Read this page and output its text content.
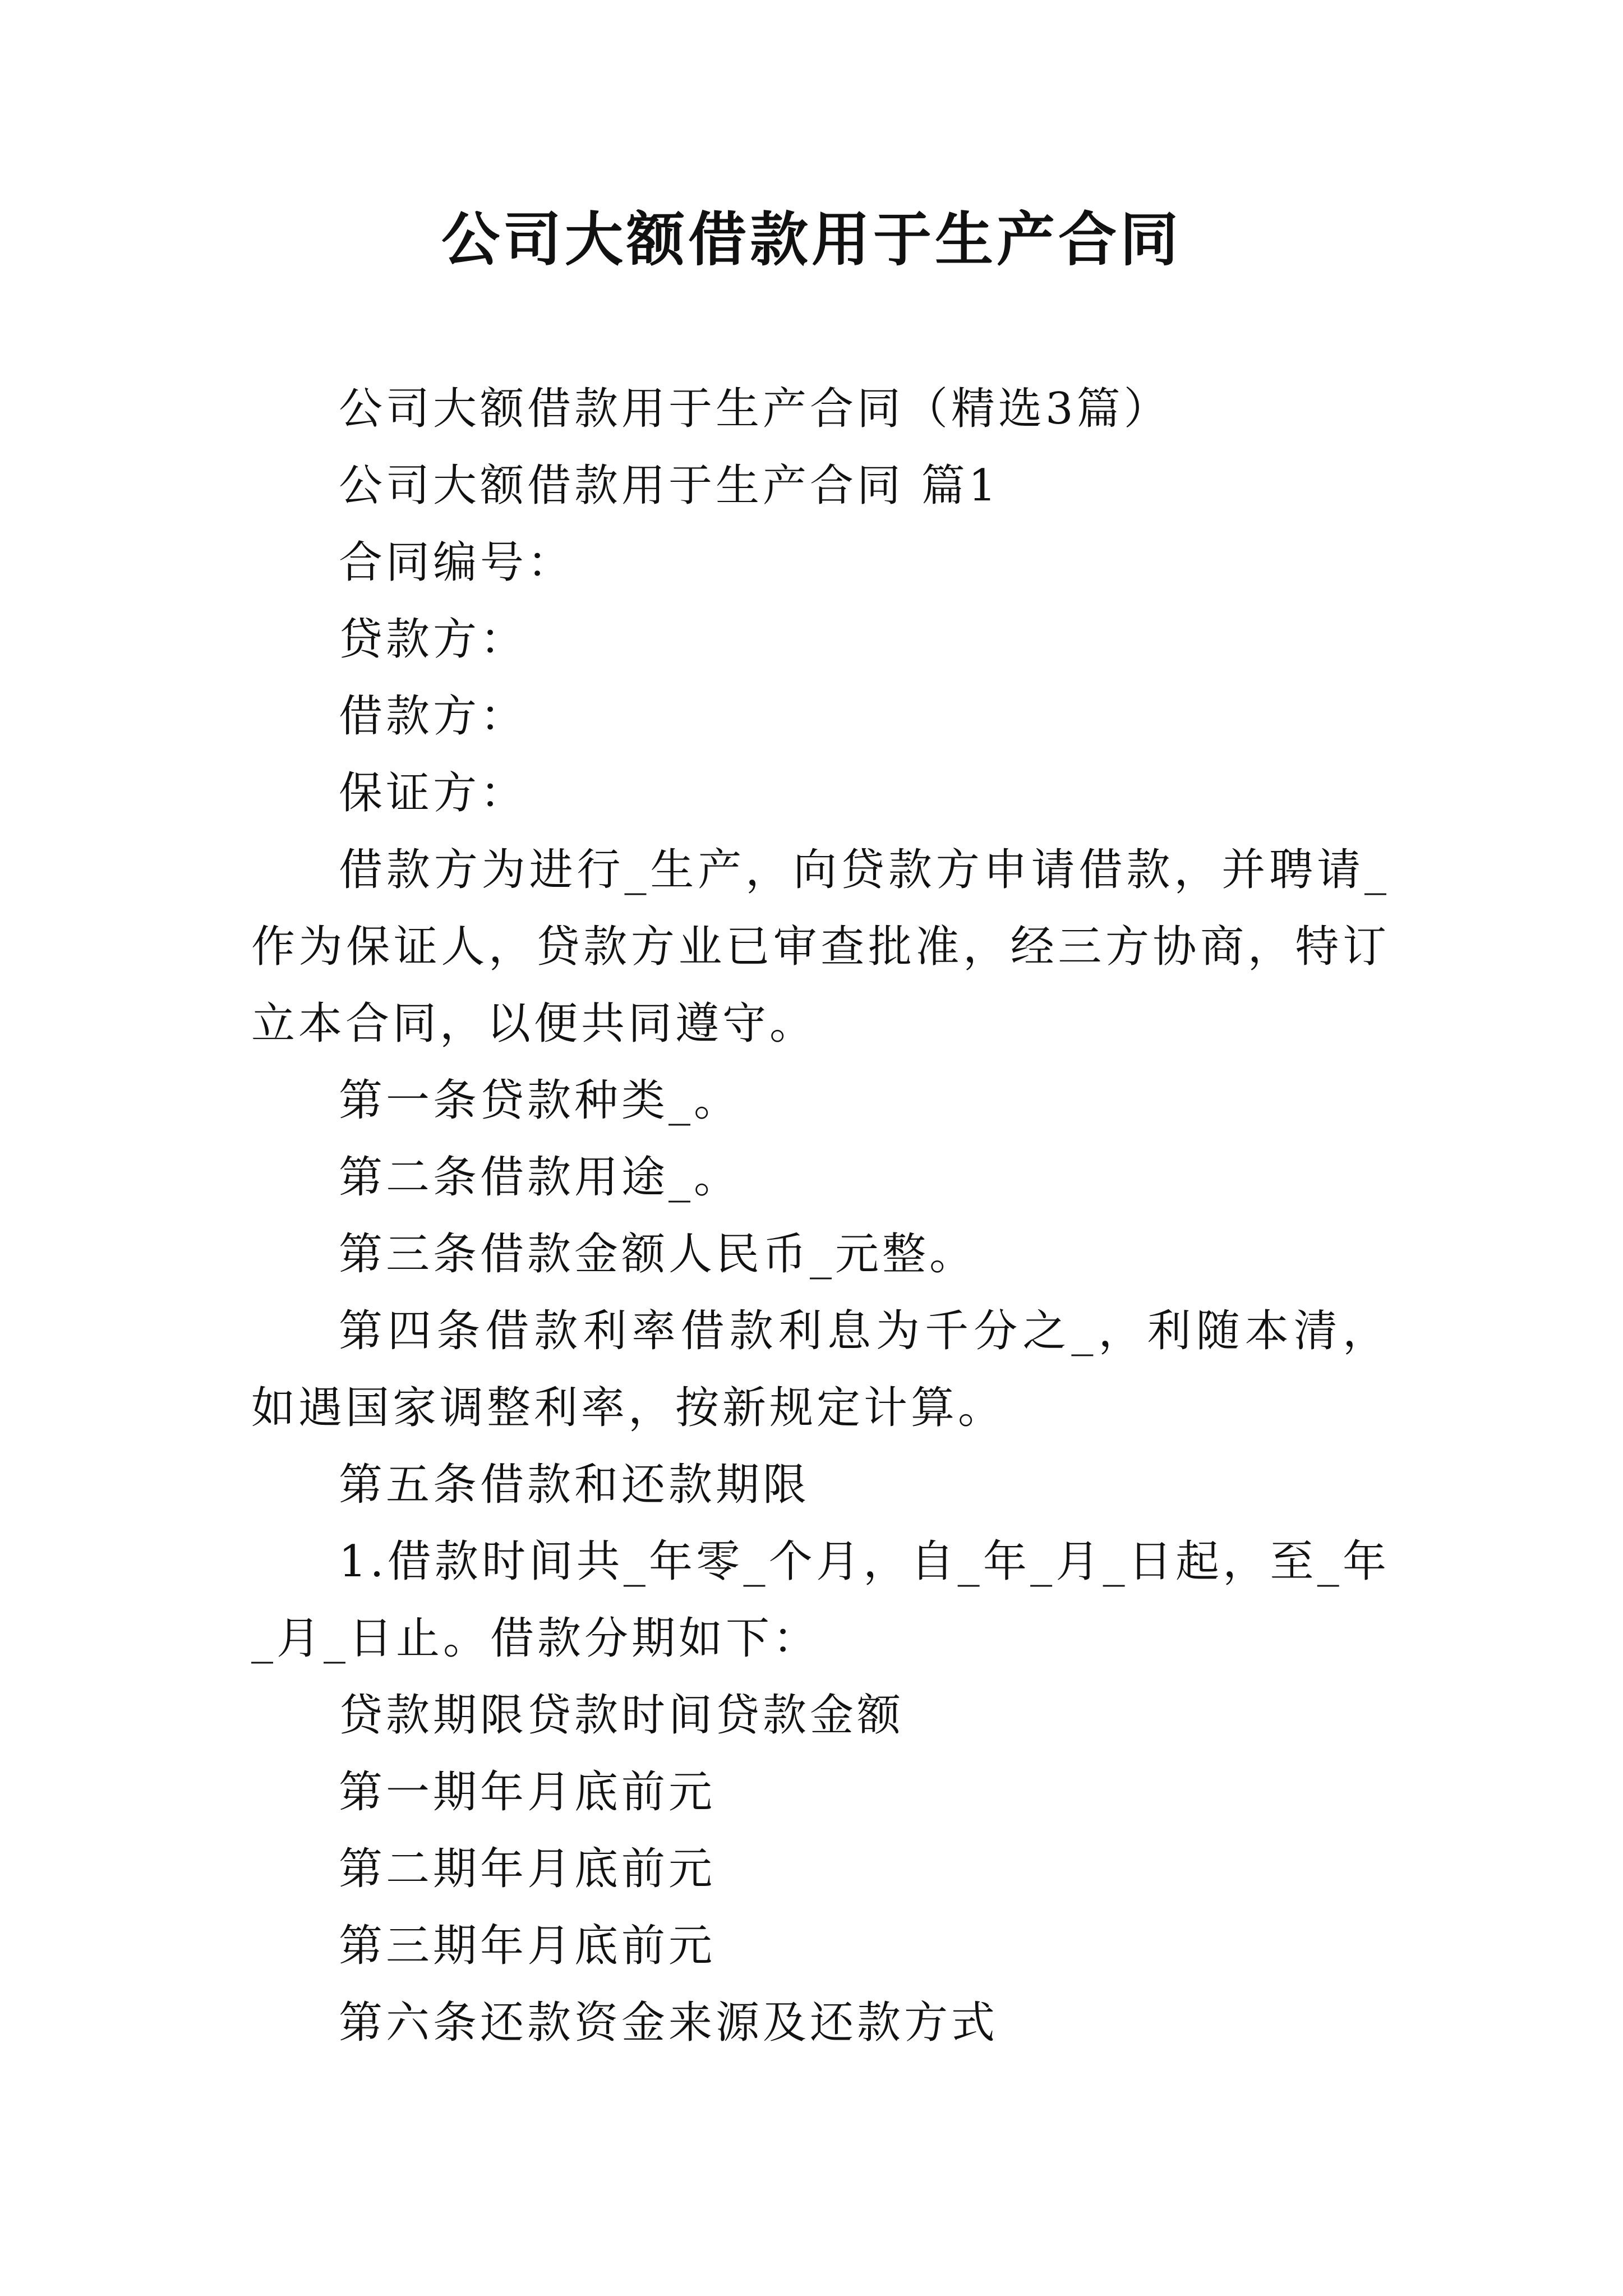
公司大额借款用于生产合同

公司大额借款用于生产合同（精选3篇）

公司大额借款用于生产合同 篇1

合同编号：

贷款方：

借款方：

保证方：

借款方为进行_生产，向贷款方申请借款，并聘请_作为保证人，贷款方业已审查批准，经三方协商，特订立本合同，以便共同遵守。

第一条贷款种类_。

第二条借款用途_。

第三条借款金额人民币_元整。

第四条借款利率借款利息为千分之_，利随本清，如遇国家调整利率，按新规定计算。

第五条借款和还款期限

1.借款时间共_年零_个月，自_年_月_日起，至_年_月_日止。借款分期如下：

贷款期限贷款时间贷款金额

第一期年月底前元

第二期年月底前元

第三期年月底前元

第六条还款资金来源及还款方式
